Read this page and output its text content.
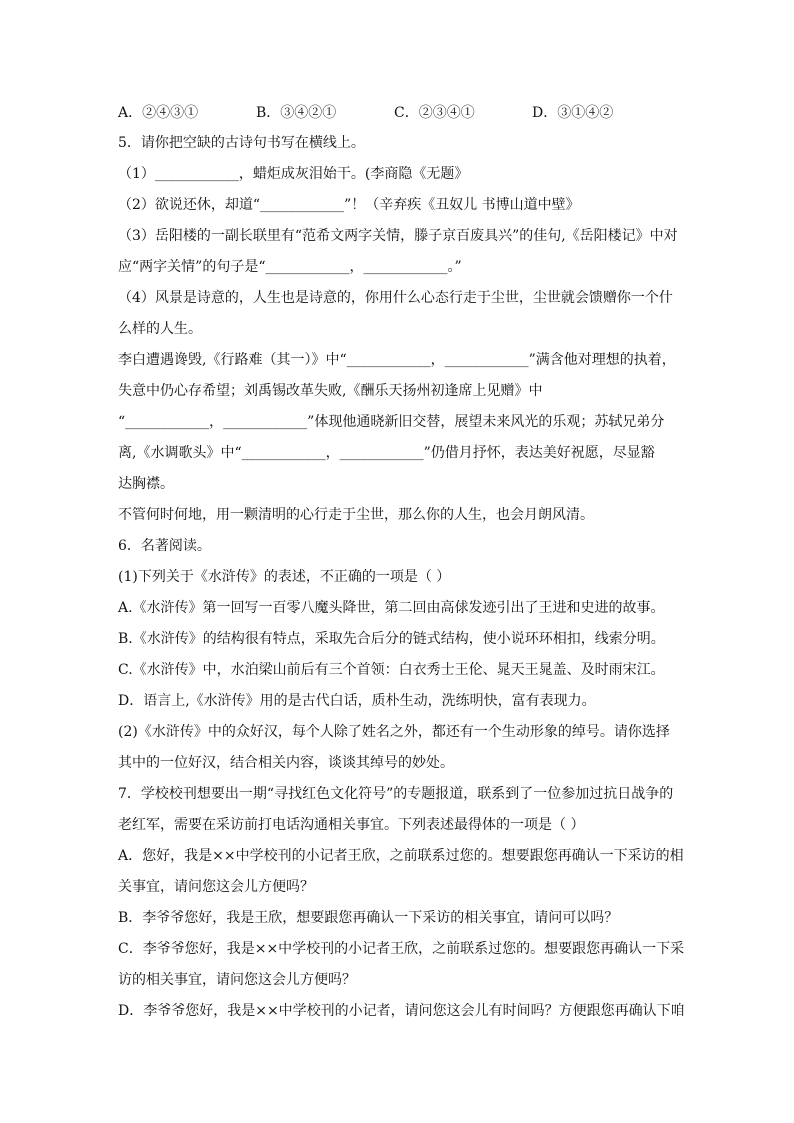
A．②④③①	B．③④②①	C．②③④①	D．③①④②
5．请你把空缺的古诗句书写在横线上。
（1）____________，蜡炬成灰泪始干。(李商隐《无题》
（2）欲说还休，却道“____________”！（辛弃疾《丑奴儿 书博山道中壁》
（3）岳阳楼的一副长联里有“范希文两字关情，滕子京百废具兴”的佳句,《岳阳楼记》中对
应“两字关情”的句子是“____________，____________。”
（4）风景是诗意的，人生也是诗意的，你用什么心态行走于尘世，尘世就会馈赠你一个什
么样的人生。
李白遭遇谗毁,《行路难（其一）》中“____________，____________”满含他对理想的执着，
失意中仍心存希望；刘禹锡改革失败,《酬乐天扬州初逢席上见赠》中
“____________，____________”体现他通晓新旧交替，展望未来风光的乐观；苏轼兄弟分
离,《水调歌头》中“____________，____________”仍借月抒怀，表达美好祝愿，尽显豁
达胸襟。
不管何时何地，用一颗清明的心行走于尘世，那么你的人生，也会月朗风清。
6．名著阅读。
(1)下列关于《水浒传》的表述，不正确的一项是（ ）
A.《水浒传》第一回写一百零八魔头降世，第二回由高俅发迹引出了王进和史进的故事。
B.《水浒传》的结构很有特点，采取先合后分的链式结构，使小说环环相扣，线索分明。
C.《水浒传》中，水泊梁山前后有三个首领：白衣秀士王伦、晁天王晁盖、及时雨宋江。
D．语言上,《水浒传》用的是古代白话，质朴生动，洗练明快，富有表现力。
(2)《水浒传》中的众好汉，每个人除了姓名之外，都还有一个生动形象的绰号。请你选择
其中的一位好汉，结合相关内容，谈谈其绰号的妙处。
7．学校校刊想要出一期“寻找红色文化符号”的专题报道，联系到了一位参加过抗日战争的
老红军，需要在采访前打电话沟通相关事宜。下列表述最得体的一项是（ ）
A．您好，我是××中学校刊的小记者王欣，之前联系过您的。想要跟您再确认一下采访的相
关事宜，请问您这会儿方便吗？
B．李爷爷您好，我是王欣，想要跟您再确认一下采访的相关事宜，请问可以吗？
C．李爷爷您好，我是××中学校刊的小记者王欣，之前联系过您的。想要跟您再确认一下采
访的相关事宜，请问您这会儿方便吗？
D．李爷爷您好，我是××中学校刊的小记者，请问您这会儿有时间吗？方便跟您再确认下咱
